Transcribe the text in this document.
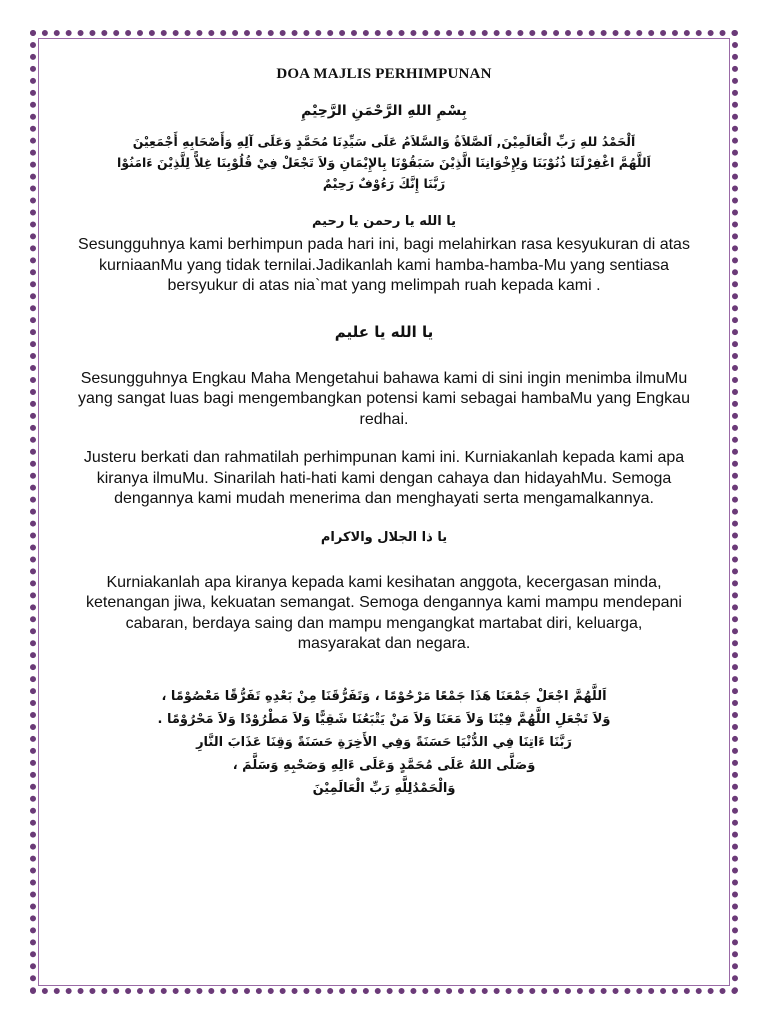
DOA MAJLIS PERHIMPUNAN
بِسْمِ اللهِ الرَّحْمَنِ الرَّحِيْمِ
اَلْحَمْدُ للهِ رَبِّ الْعَالَمِيْنَ, اَلصَّلاَةُ وَالسَّلاَمُ عَلَى سَيِّدِنَا مُحَمَّدٍ وَعَلَى آلِهِ وَأَصْحَابِهِ أَجْمَعِيْنَ
اَللَّهُمَّ اغْفِرْلَنَا ذُنُوْبَنَا وَلِإِخْوَانِنَا الَّذِيْنَ سَبَقُوْنَا بِالإِيْمَانِ وَلاَ تَجْعَلْ فِيْ قُلُوْبِنَا غِلاًّ لِلَّذِيْنَ ءَامَنُوْا
رَبَّنَا إِنَّكَ رَءُوْفٌ رَحِيْمٌ
يا الله يا رحمن يا رحيم
Sesungguhnya kami berhimpun pada hari ini, bagi melahirkan rasa kesyukuran di atas kurniaanMu yang tidak ternilai.Jadikanlah kami hamba-hamba-Mu yang sentiasa bersyukur di atas nia`mat yang melimpah ruah kepada kami .
يا الله يا عليم
Sesungguhnya Engkau Maha Mengetahui bahawa kami di sini ingin menimba ilmuMu yang sangat luas bagi mengembangkan potensi kami sebagai hambaMu yang Engkau redhai.
Justeru berkati dan rahmatilah perhimpunan kami ini. Kurniakanlah kepada kami apa kiranya ilmuMu. Sinarilah hati-hati kami dengan cahaya dan hidayahMu. Semoga dengannya kami mudah menerima dan menghayati serta mengamalkannya.
يا ذا الجلال والاكرام
Kurniakanlah apa kiranya kepada kami kesihatan anggota, kecergasan minda, ketenangan jiwa, kekuatan semangat. Semoga dengannya kami mampu mendepani cabaran, berdaya saing dan mampu mengangkat martabat diri, keluarga,
masyarakat dan negara.
اَللَّهُمَّ اجْعَلْ جَمْعَنَا هَذَا جَمْعًا مَرْحُوْمًا ، وَتَفَرُّقَنَا مِنْ بَعْدِهِ تَفَرُّقًا مَعْصُوْمًا ،
وَلاَ تَجْعَلِ اللَّهُمَّ فِيْنَا وَلاَ مَعَنَا وَلاَ مَنْ يَتْبَعُنَا شَقِيًّا وَلاَ مَطْرُوْدًا وَلاَ مَحْرُوْمًا .
رَبَّنَا ءَاتِنَا فِي الدُّنْيَا حَسَنَةً وَفِي الأَخِرَةِ حَسَنَةً وَقِنَا عَذَابَ النَّارِ
وَصَلَّى اللهُ عَلَى مُحَمَّدٍ وَعَلَى ءَالِهِ وَصَحْبِهِ وَسَلَّمَ ،
وَالْحَمْدُلِلَّهِ رَبِّ الْعَالَمِيْنَ
